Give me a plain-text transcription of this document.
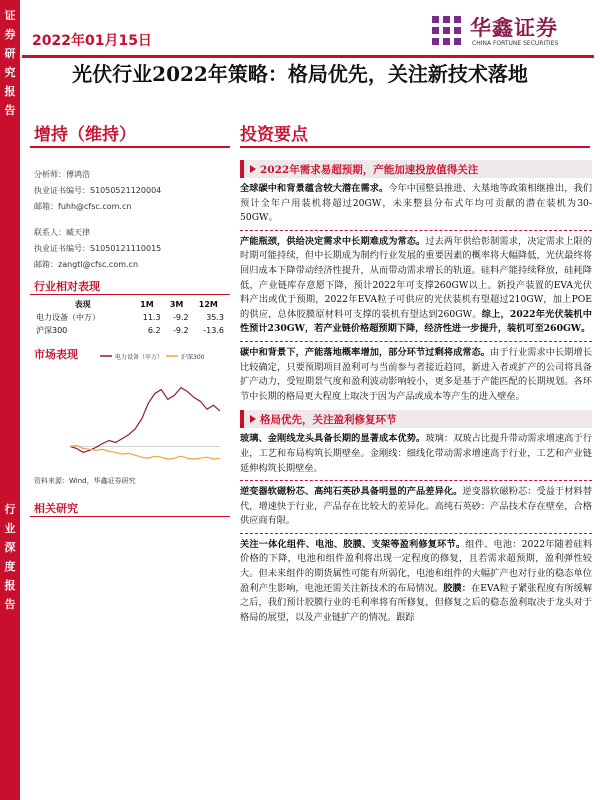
证券研究报告
行业深度报告
2022年01月15日
华鑫证券
CHINA FORTUNE SECURITIES
光伏行业2022年策略：格局优先，关注新技术落地
增持（维持）	投资要点
分析师：傅鸿浩
执业证书编号：S1050521120004
邮箱：fuhh@cfsc.com.cn
联系人：臧天律
执业证书编号：S1050121110015
邮箱：zangtl@cfsc.com.cn
行业相对表现
表现	1M	3M	12M
电力设备（中万）	11.3	-9.2	35.3
沪深300	6.2	-9.2	-13.6
市场表现	电力设备（申万）	沪深300
资料来源：Wind，华鑫证券研究
相关研究
2022年需求易超预期，产能加速投放值得关注

全球碳中和背景蕴含较大潜在需求。今年中国整县推进、大基地等政策相继推出，我们预计全年户用装机将超过20GW，未来整县分布式年均可贡献的潜在装机为30-50GW。

产能瓶颈，供给决定需求中长期难成为常态。过去两年供给彰制需求，决定需求上限的时期可能持续，但中长期成为制约行业发展的重要因素的概率将大幅降低，光伏最终将回归成本下降带动经济性提升，从而带动需求增长的轨道。硅料产能持续释放，硅耗降低，产业链库存意愿下降，预计2022年可支撑260GW以上。新投产装置的EVA光伏料产出或优于预期，2022年EVA粒子可供应的光伏装机有望超过210GW，加上POE的供应，总体胶膜原材料可支撑的装机有望达到260GW。综上，2022年光伏装机中性预计230GW，若产业链价格超预期下降，经济性进一步提升，装机可至260GW。

碳中和背景下，产能落地概率增加，部分环节过剩将成常态。由于行业需求中长期增长比较确定，只要预期项目盈利可与当前参与者接近趋同，新进入者或扩产的公司将具备扩产动力，受短期景气度和盈利波动影响较小，更多是基于产能匹配的长期规划。各环节中长期的格局更大程度上取决于因为产品或成本等产生的进入壁垒。

格局优先，关注盈利修复环节

玻璃、金刚线龙头具备长期的显著成本优势。玻璃：双玻占比提升带动需求增速高于行业，工艺和布局构筑长期壁垒。金刚线：细线化带动需求增速高于行业，工艺和产业链延伸构筑长期壁垒。

逆变器软磁粉芯、高纯石英砂具备明显的产品差异化。逆变器软磁粉芯：受益于材料替代，增速快于行业，产品存在比较大的差异化。高纯石英砂：产品技术存在壁垒，合格供应商有限。

关注一体化组件、电池、胶膜、支架等盈利修复环节。组件、电池：2022年随着硅料价格的下降，电池和组件盈利将出现一定程度的修复，且若需求超预期，盈利弹性较大。但未来组件的期货属性可能有所弱化，电池和组件的大幅扩产也对行业的稳态单位盈利产生影响，电池还需关注新技术的布局情况。胶膜：在EVA粒子紧张程度有所缓解之后，我们预计胶膜行业的毛利率将有所修复，但修复之后的稳态盈利取决于龙头对于格局的展望，以及产业链扩产的情况。跟踪
